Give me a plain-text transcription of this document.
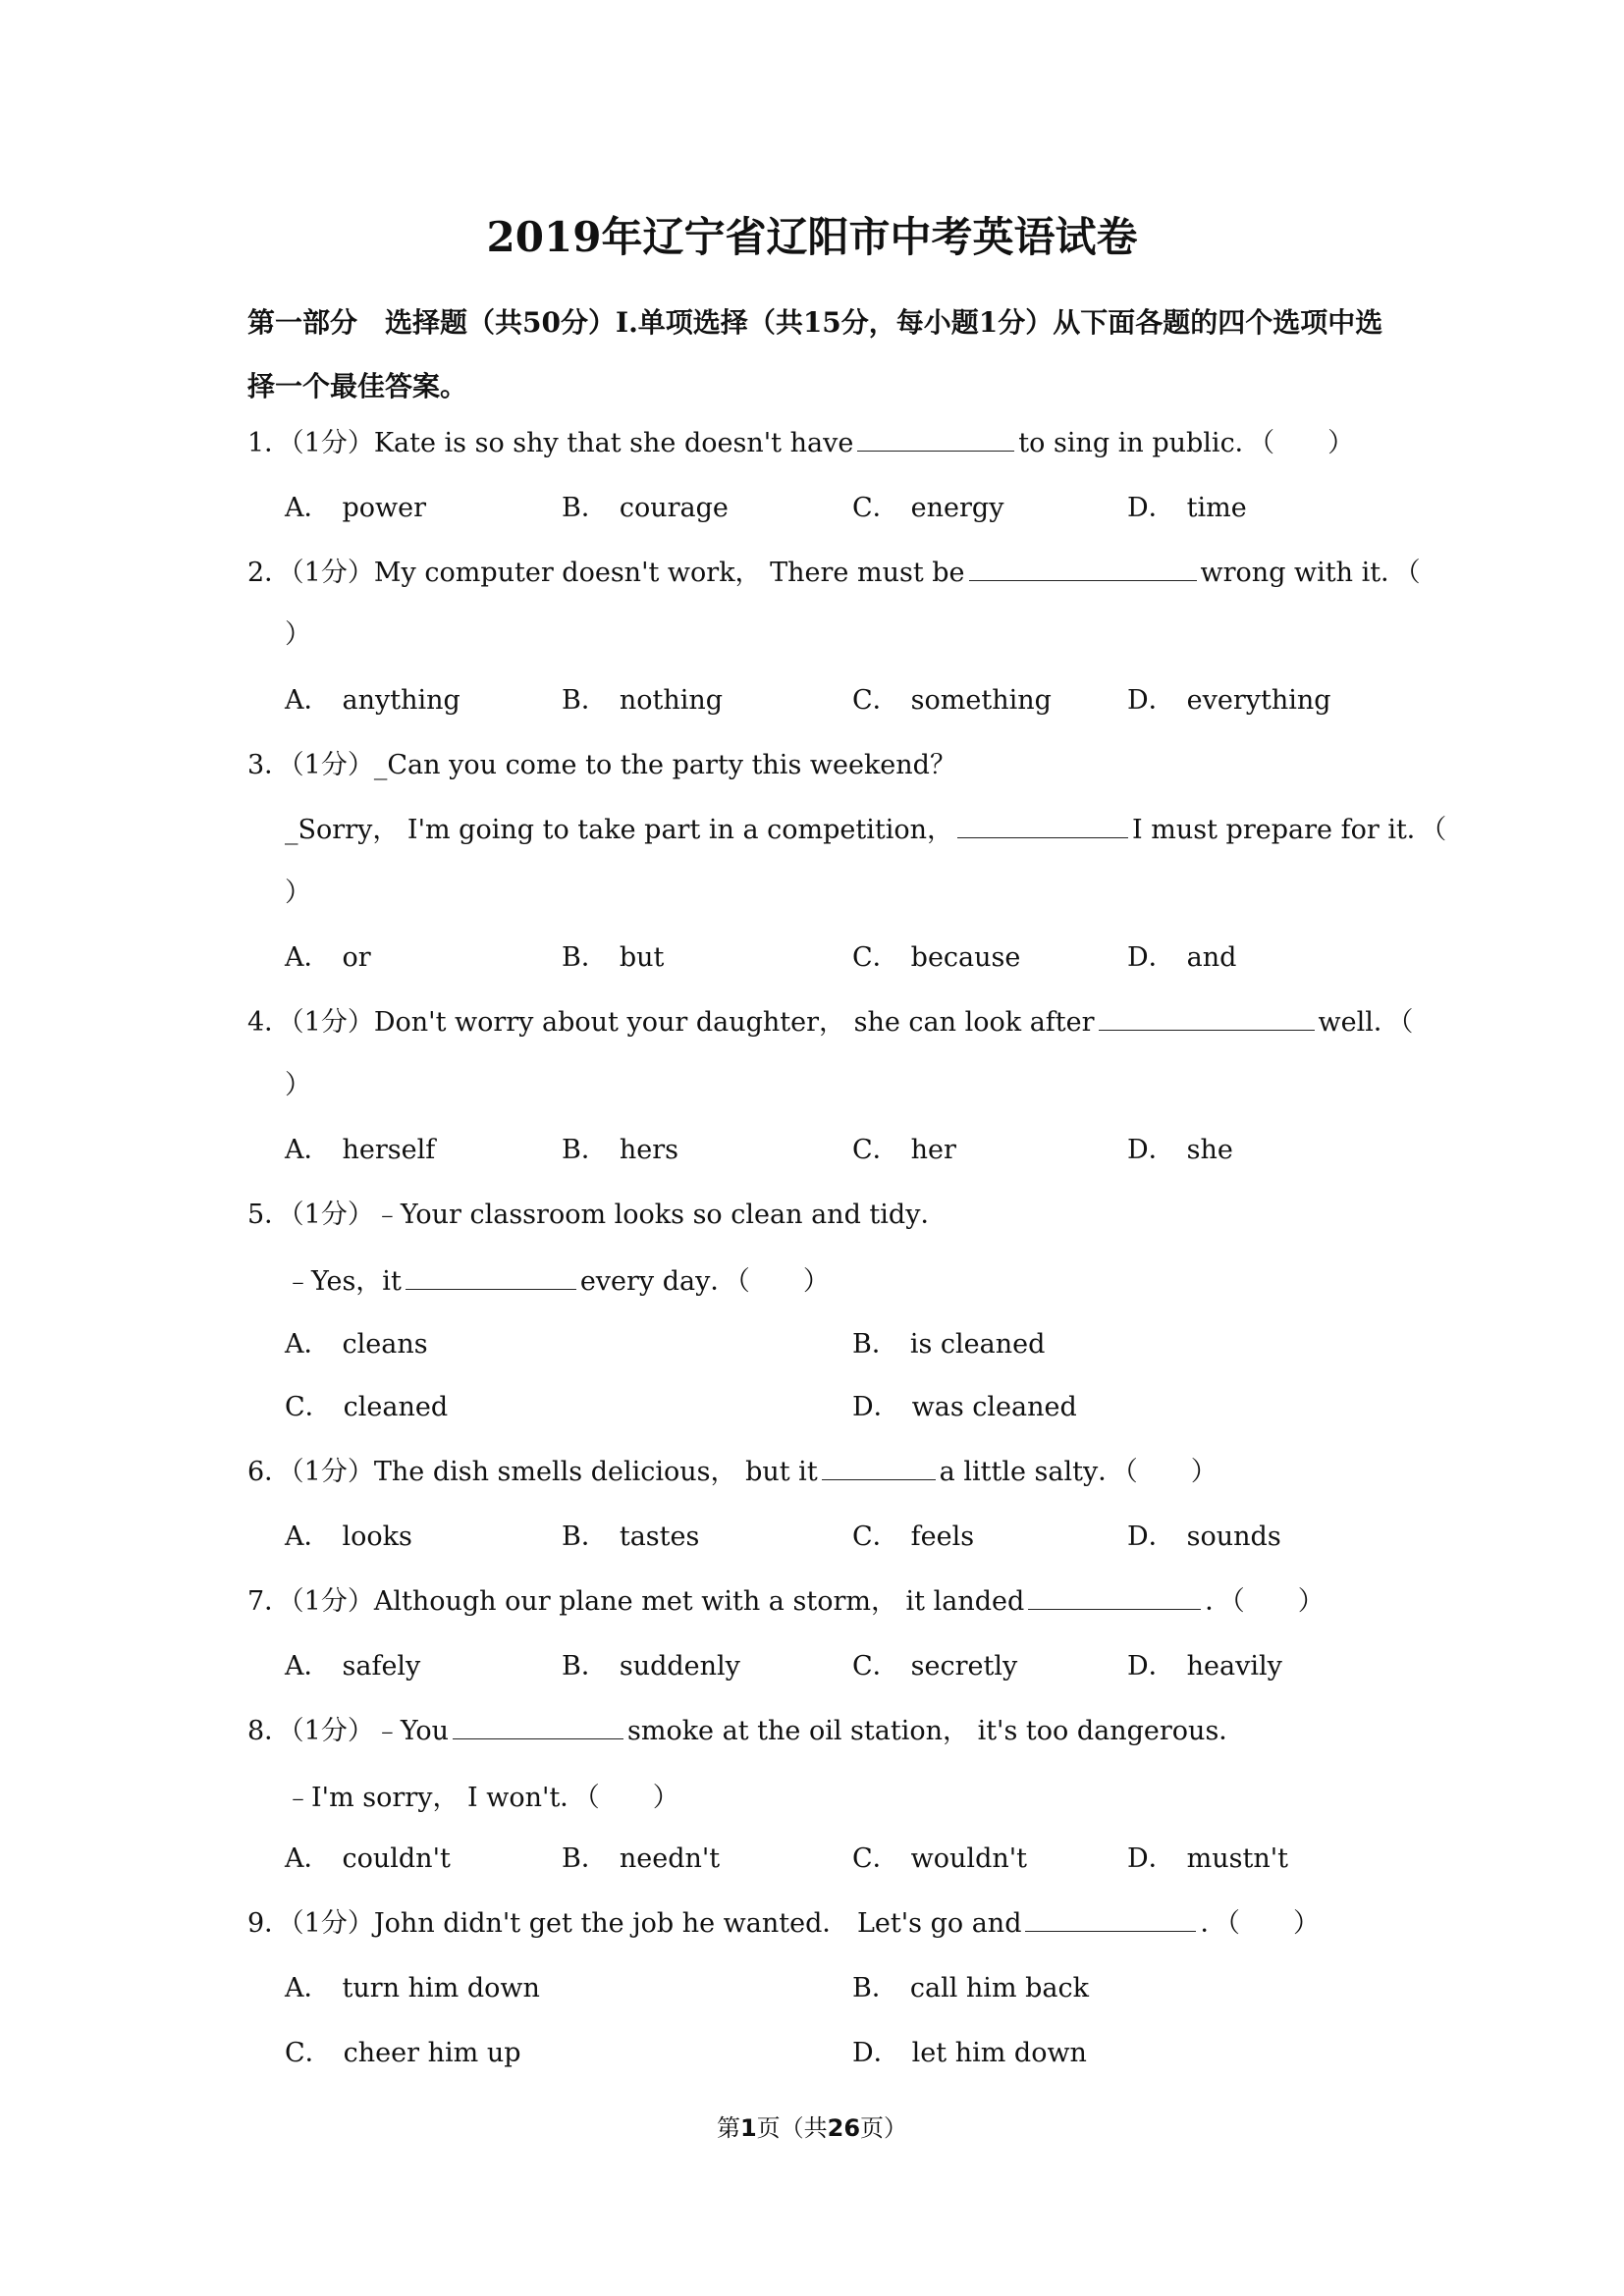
2019年辽宁省辽阳市中考英语试卷
第一部分　选择题（共50分）I.单项选择（共15分，每小题1分）从下面各题的四个选项中选择一个最佳答案。
1．（1分）Kate is so shy that she doesn't have	to sing in public．（　　）
A． power	B． courage	C． energy	D． time
2．（1分）My computer doesn't work， There must be	wrong with it．（
）
A． anything	B． nothing	C． something	D． everything
3．（1分）_Can you come to the party this weekend？
_Sorry， I'm going to take part in a competition，	I must prepare for it．（
）
A． or	B． but	C． because	D． and
4．（1分）Don't worry about your daughter， she can look after	well．（
）
A． herself	B． hers	C． her	D． she
5．（1分）﹣Your classroom looks so clean and tidy．
﹣Yes，it	every day．（　　）
A． cleans	B． is cleaned
C． cleaned	D． was cleaned
6．（1分）The dish smells delicious， but it	a little salty．（　　）
A． looks	B． tastes	C． feels	D． sounds
7．（1分）Although our plane met with a storm， it landed	．（　　）
A． safely	B． suddenly	C． secretly	D． heavily
8．（1分）﹣You	smoke at the oil station， it's too dangerous．
﹣I'm sorry， I won't．（　　）
A． couldn't	B． needn't	C． wouldn't	D． mustn't
9．（1分）John didn't get the job he wanted． Let's go and	．（　　）
A． turn him down	B． call him back
C． cheer him up	D． let him down
第1页（共26页）
